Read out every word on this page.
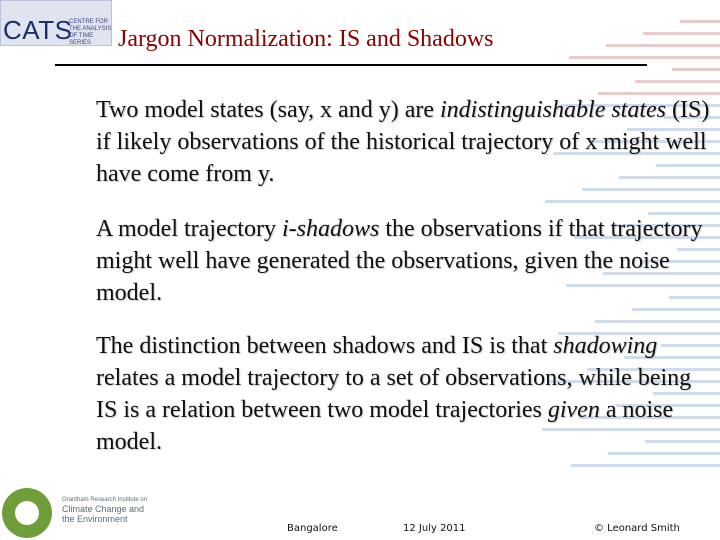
CATS
CENTRE FOR
THE ANALYSIS
OF TIME SERIES	Jargon Normalization: IS and Shadows
Two model states (say, x and y) are indistinguishable states (IS) if likely observations of the historical trajectory of x might well have come from y.
A model trajectory i-shadows the observations if that trajectory might well have generated the observations, given the noise model.
The distinction between shadows and IS is that shadowing relates a model trajectory to a set of observations, while being IS is a relation between two model trajectories given a noise model.
Grantham Research Institute on
Climate Change and
the Environment
Bangalore	12 July 2011	© Leonard Smith
